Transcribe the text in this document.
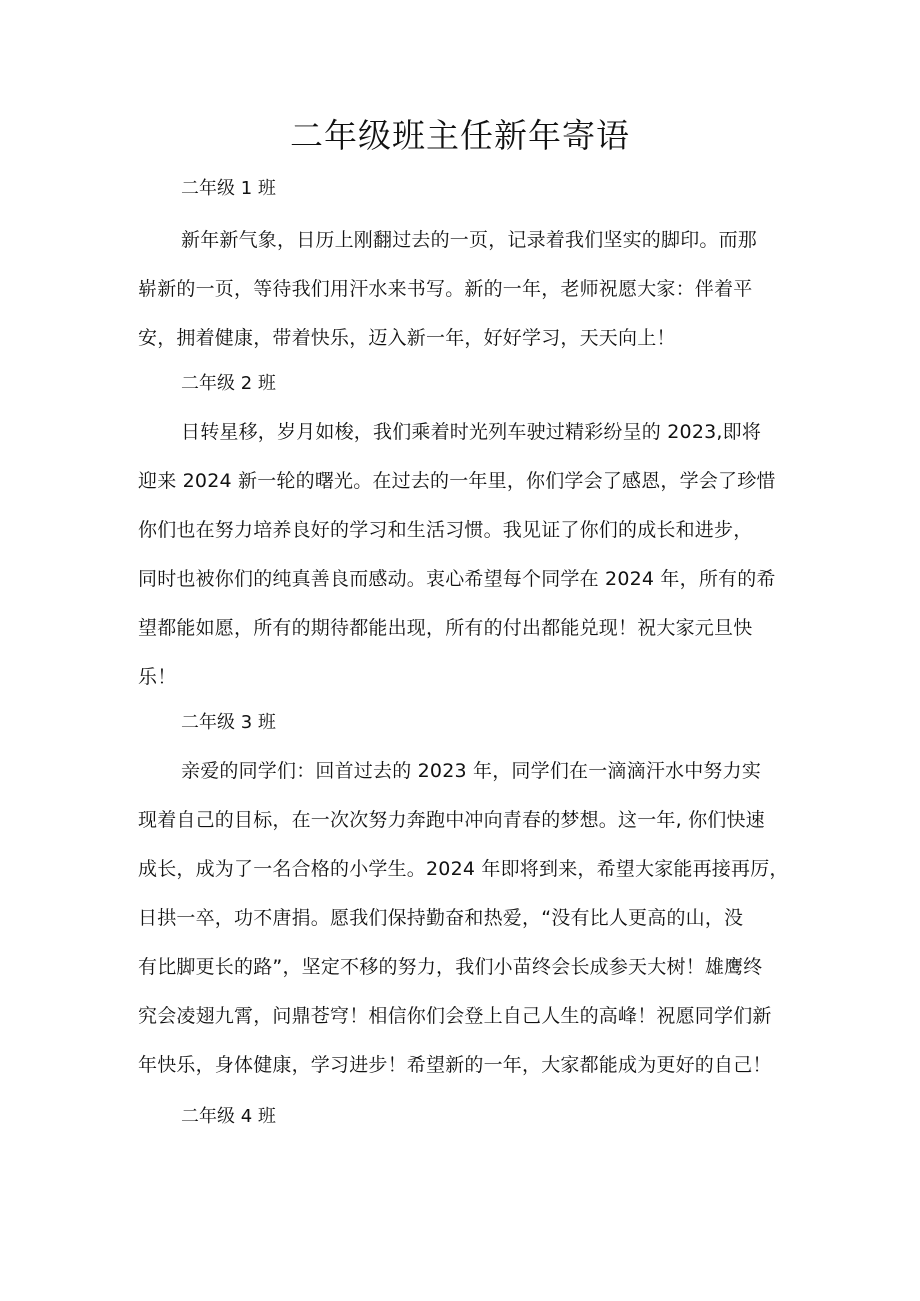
二年级班主任新年寄语
二年级 1 班

新年新气象，日历上刚翻过去的一页，记录着我们坚实的脚印。而那
崭新的一页，等待我们用汗水来书写。新的一年，老师祝愿大家：伴着平
安，拥着健康，带着快乐，迈入新一年，好好学习，天天向上！

二年级 2 班

日转星移，岁月如梭，我们乘着时光列车驶过精彩纷呈的 2023,即将
迎来 2024 新一轮的曙光。在过去的一年里，你们学会了感恩，学会了珍惜
你们也在努力培养良好的学习和生活习惯。我见证了你们的成长和进步，
同时也被你们的纯真善良而感动。衷心希望每个同学在 2024 年，所有的希
望都能如愿，所有的期待都能出现，所有的付出都能兑现！祝大家元旦快
乐！

二年级 3 班

亲爱的同学们：回首过去的 2023 年，同学们在一滴滴汗水中努力实
现着自己的目标，在一次次努力奔跑中冲向青春的梦想。这一年, 你们快速
成长，成为了一名合格的小学生。2024 年即将到来，希望大家能再接再厉，
日拱一卒，功不唐捐。愿我们保持勤奋和热爱，“没有比人更高的山，没
有比脚更长的路”，坚定不移的努力，我们小苗终会长成参天大树！雄鹰终
究会凌翅九霄，问鼎苍穹！相信你们会登上自己人生的高峰！祝愿同学们新
年快乐，身体健康，学习进步！希望新的一年，大家都能成为更好的自己！

二年级 4 班
